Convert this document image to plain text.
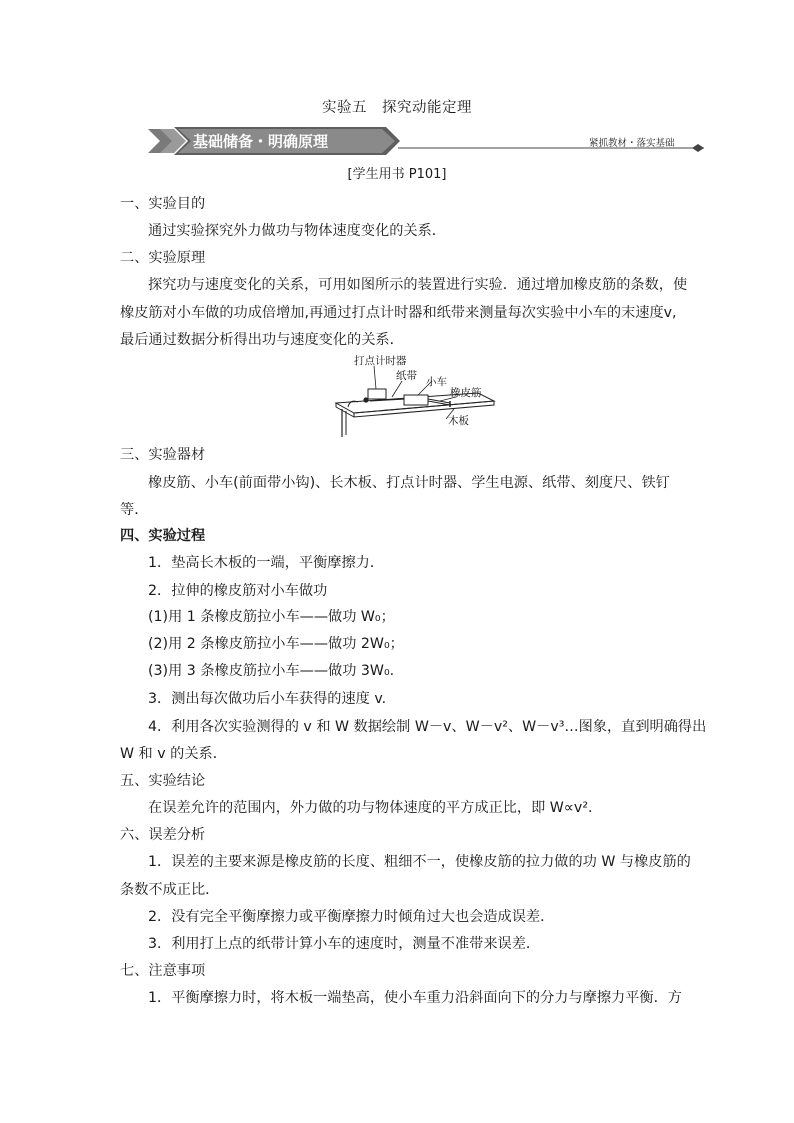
实验五　探究动能定理
基础储备・明确原理	紧抓教材・落实基础
[学生用书 P101]
一、实验目的
通过实验探究外力做功与物体速度变化的关系．
二、实验原理
探究功与速度变化的关系，可用如图所示的装置进行实验．通过增加橡皮筋的条数，使
橡皮筋对小车做的功成倍增加,再通过打点计时器和纸带来测量每次实验中小车的末速度v,
最后通过数据分析得出功与速度变化的关系．
打点计时器
纸带 小车
橡皮筋
木板
三、实验器材
橡皮筋、小车(前面带小钩)、长木板、打点计时器、学生电源、纸带、刻度尺、铁钉
等．
四、实验过程
1．垫高长木板的一端，平衡摩擦力．
2．拉伸的橡皮筋对小车做功
(1)用 1 条橡皮筋拉小车——做功 W₀；
(2)用 2 条橡皮筋拉小车——做功 2W₀；
(3)用 3 条橡皮筋拉小车——做功 3W₀.
3．测出每次做功后小车获得的速度 v.
4．利用各次实验测得的 v 和 W 数据绘制 W－v、W－v²、W－v³…图象，直到明确得出
W 和 v 的关系．
五、实验结论
在误差允许的范围内，外力做的功与物体速度的平方成正比，即 W∝v².
六、误差分析
1．误差的主要来源是橡皮筋的长度、粗细不一，使橡皮筋的拉力做的功 W 与橡皮筋的
条数不成正比．
2．没有完全平衡摩擦力或平衡摩擦力时倾角过大也会造成误差．
3．利用打上点的纸带计算小车的速度时，测量不准带来误差．
七、注意事项
1．平衡摩擦力时，将木板一端垫高，使小车重力沿斜面向下的分力与摩擦力平衡．方
